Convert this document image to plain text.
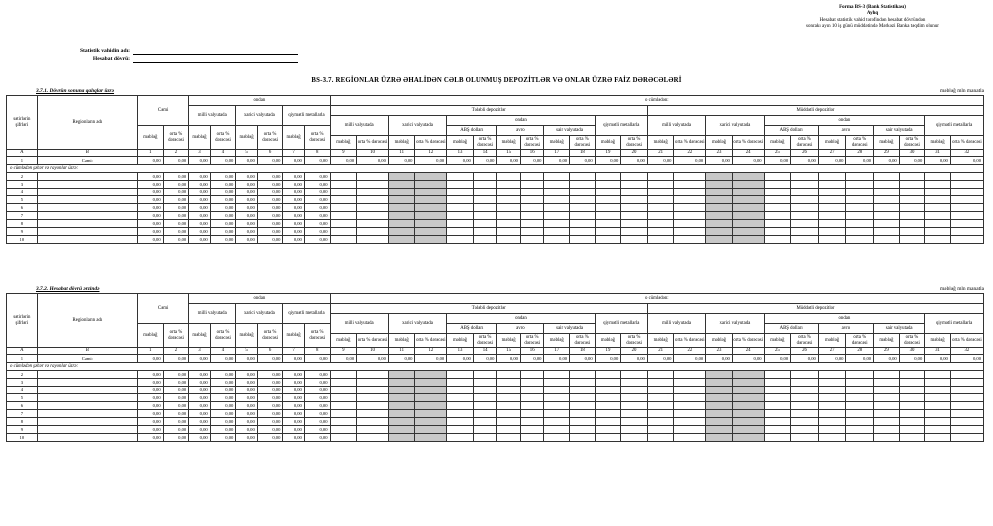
Forma BS-3 (Bank Statistikası)
Aylıq
Hesabat statistik vahid tərəfindən hesabat dövründən
sonrakı ayın 10 iş günü müddətində Mərkəzi Banka təqdim olunur
Statistik vahidin adı:
Hesabat dövrü:
BS-3.7. REGİONLAR ÜZRƏ ƏHALİDƏN CƏLB OLUNMUŞ DEPOZİTLƏR VƏ ONLAR ÜZRƏ FAİZ DƏRƏCƏLƏRİ
3.7.1. Dövrün sonuna qalıqlar üzrə	məbləğ mln manatla
sətirlərin şifrləri	Regionların adı	Cəmi		ondan						o cümlədən:																							
				milli valyutada		xarici valyutada		qiymətli metallarla		Tələbli depozitlər												Müddətli depozitlər											
										milli valyutada		xarici valyutada		ondan						qiymətli metallarla		milli valyutada		xarici valyutada		ondan						qiymətli metallarla	
		məbləğ	orta % dərəcəsi	məbləğ	orta % dərəcəsi	məbləğ	orta % dərəcəsi	məbləğ	orta % dərəcəsi					ABŞ dolları		avro		sair valyutada								ABŞ dolları		avro		sair valyutada			
										məbləğ	orta % dərəcəsi	məbləğ	orta % dərəcəsi	məbləğ	orta % dərəcəsi	məbləğ	orta % dərəcəsi	məbləğ	orta % dərəcəsi	məbləğ	orta % dərəcəsi	məbləğ	orta % dərəcəsi	məbləğ	orta % dərəcəsi	məbləğ	orta % dərəcəsi	məbləğ	orta % dərəcəsi	məbləğ	orta % dərəcəsi	məbləğ	orta % dərəcəsi
A	B	1	2	3	4	5	6	7	8	9	10	11	12	13	14	15	16	17	18	19	20	21	22	23	24	25	26	27	28	29	30	31	32
1	Cəmi:	0,00	0,00	0,00	0,00	0,00	0,00	0,00	0,00	0,00	0,00	0,00	0,00	0,00	0,00	0,00	0,00	0,00	0,00	0,00	0,00	0,00	0,00	0,00	0,00	0,00	0,00	0,00	0,00	0,00	0,00	0,00	0,00
o cümlədən şəhər və rayonlar üzrə:																																	
2		0,00	0,00	0,00	0,00	0,00	0,00	0,00	0,00																								
3		0,00	0,00	0,00	0,00	0,00	0,00	0,00	0,00																								
4		0,00	0,00	0,00	0,00	0,00	0,00	0,00	0,00																								
5		0,00	0,00	0,00	0,00	0,00	0,00	0,00	0,00																								
6		0,00	0,00	0,00	0,00	0,00	0,00	0,00	0,00																								
7		0,00	0,00	0,00	0,00	0,00	0,00	0,00	0,00																								
8		0,00	0,00	0,00	0,00	0,00	0,00	0,00	0,00																								
9		0,00	0,00	0,00	0,00	0,00	0,00	0,00	0,00																								
10		0,00	0,00	0,00	0,00	0,00	0,00	0,00	0,00																								
3.7.2. Hesabat dövrü ərzində	məbləğ mln manatla
sətirlərin şifrləri	Regionların adı	Cəmi		ondan						o cümlədən:																							
				milli valyutada		xarici valyutada		qiymətli metallarla		Tələbli depozitlər												Müddətli depozitlər											
										milli valyutada		xarici valyutada		ondan						qiymətli metallarla		milli valyutada		xarici valyutada		ondan						qiymətli metallarla	
		məbləğ	orta % dərəcəsi	məbləğ	orta % dərəcəsi	məbləğ	orta % dərəcəsi	məbləğ	orta % dərəcəsi					ABŞ dolları		avro		sair valyutada								ABŞ dolları		avro		sair valyutada			
										məbləğ	orta % dərəcəsi	məbləğ	orta % dərəcəsi	məbləğ	orta % dərəcəsi	məbləğ	orta % dərəcəsi	məbləğ	orta % dərəcəsi	məbləğ	orta % dərəcəsi	məbləğ	orta % dərəcəsi	məbləğ	orta % dərəcəsi	məbləğ	orta % dərəcəsi	məbləğ	orta % dərəcəsi	məbləğ	orta % dərəcəsi	məbləğ	orta % dərəcəsi
A	B	1	2	3	4	5	6	7	8	9	10	11	12	13	14	15	16	17	18	19	20	21	22	23	24	25	26	27	28	29	30	31	32
1	Cəmi:	0,00	0,00	0,00	0,00	0,00	0,00	0,00	0,00	0,00	0,00	0,00	0,00	0,00	0,00	0,00	0,00	0,00	0,00	0,00	0,00	0,00	0,00	0,00	0,00	0,00	0,00	0,00	0,00	0,00	0,00	0,00	0,00
o cümlədən şəhər və rayonlar üzrə:																																	
2		0,00	0,00	0,00	0,00	0,00	0,00	0,00	0,00																								
3		0,00	0,00	0,00	0,00	0,00	0,00	0,00	0,00																								
4		0,00	0,00	0,00	0,00	0,00	0,00	0,00	0,00																								
5		0,00	0,00	0,00	0,00	0,00	0,00	0,00	0,00																								
6		0,00	0,00	0,00	0,00	0,00	0,00	0,00	0,00																								
7		0,00	0,00	0,00	0,00	0,00	0,00	0,00	0,00																								
8		0,00	0,00	0,00	0,00	0,00	0,00	0,00	0,00																								
9		0,00	0,00	0,00	0,00	0,00	0,00	0,00	0,00																								
10		0,00	0,00	0,00	0,00	0,00	0,00	0,00	0,00																								
